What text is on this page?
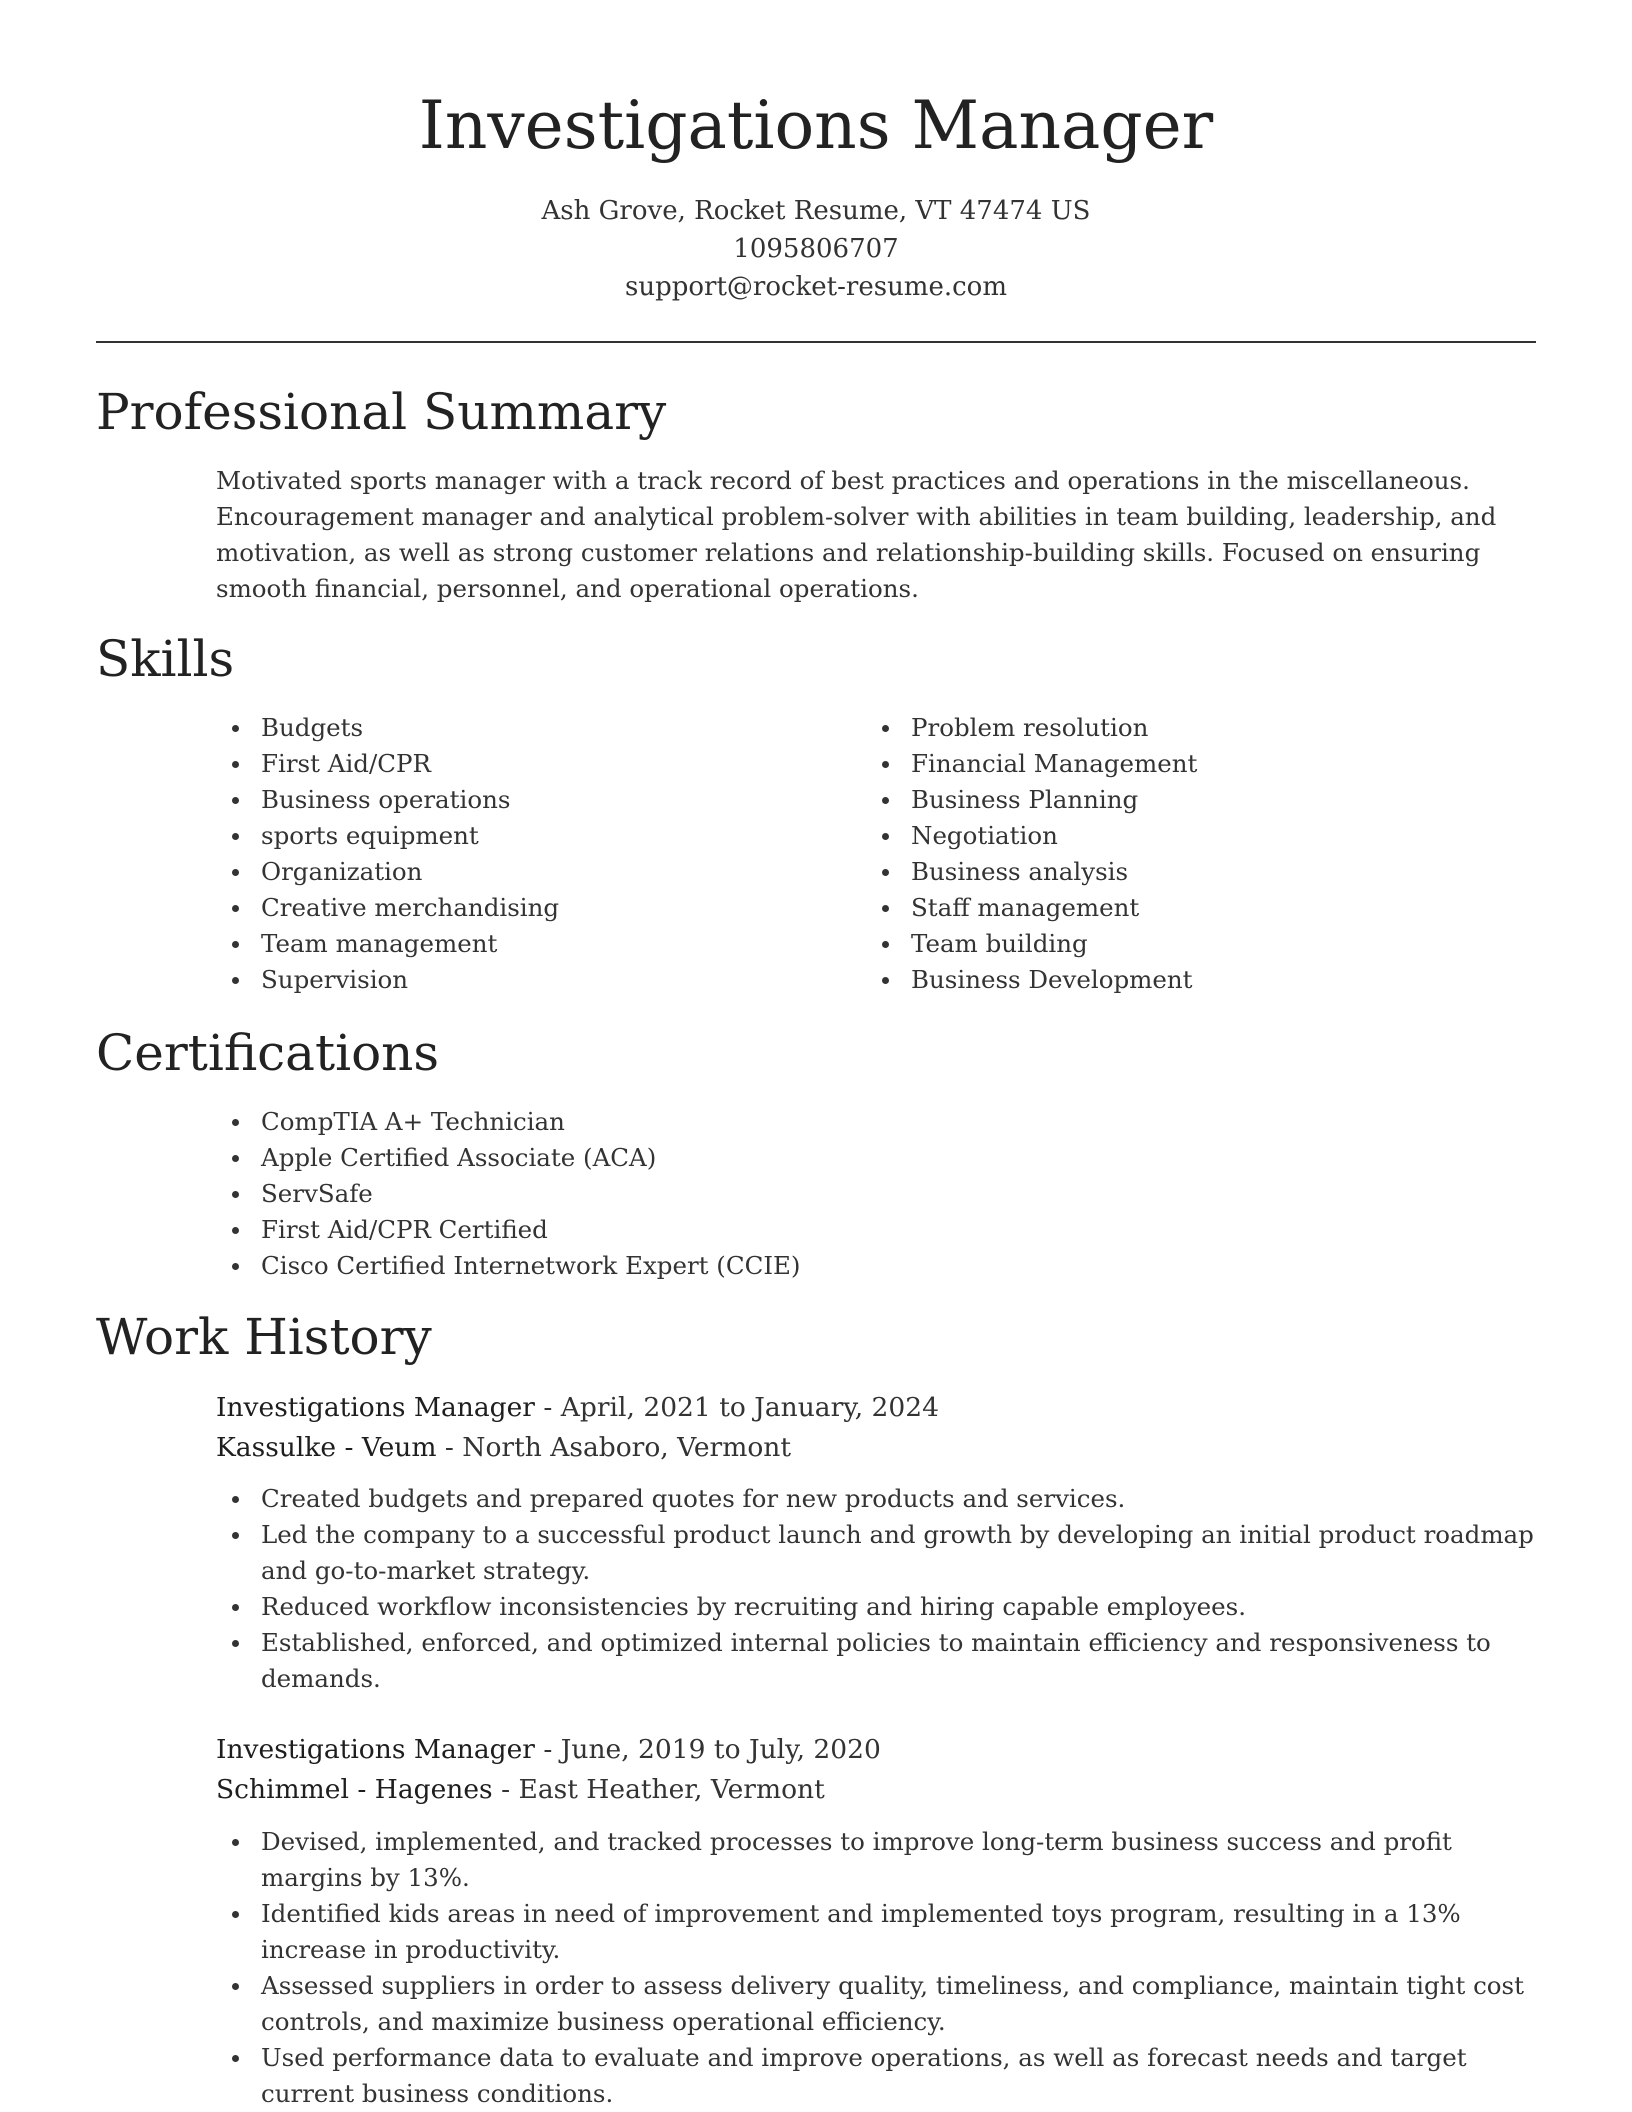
Investigations Manager

Ash Grove, Rocket Resume, VT 47474 US

1095806707

support@rocket-resume.com

Professional Summary

Motivated sports manager with a track record of best practices and operations in the miscellaneous. Encouragement manager and analytical problem-solver with abilities in team building, leadership, and motivation, as well as strong customer relations and relationship-building skills. Focused on ensuring smooth financial, personnel, and operational operations.

Skills
Budgets
First Aid/CPR
Business operations
sports equipment
Organization
Creative merchandising
Team management
Supervision
Problem resolution
Financial Management
Business Planning
Negotiation
Business analysis
Staff management
Team building
Business Development
Certifications
CompTIA A+ Technician
Apple Certified Associate (ACA)
ServSafe
First Aid/CPR Certified
Cisco Certified Internetwork Expert (CCIE)
Work History

Investigations Manager - April, 2021 to January, 2024

Kassulke - Veum - North Asaboro, Vermont

Created budgets and prepared quotes for new products and services.
Led the company to a successful product launch and growth by developing an initial product roadmap and go-to-market strategy.
Reduced workflow inconsistencies by recruiting and hiring capable employees.
Established, enforced, and optimized internal policies to maintain efficiency and responsiveness to demands.

Investigations Manager - June, 2019 to July, 2020

Schimmel - Hagenes - East Heather, Vermont

Devised, implemented, and tracked processes to improve long-term business success and profit margins by 13%.
Identified kids areas in need of improvement and implemented toys program, resulting in a 13% increase in productivity.
Assessed suppliers in order to assess delivery quality, timeliness, and compliance, maintain tight cost controls, and maximize business operational efficiency.
Used performance data to evaluate and improve operations, as well as forecast needs and target current business conditions.
